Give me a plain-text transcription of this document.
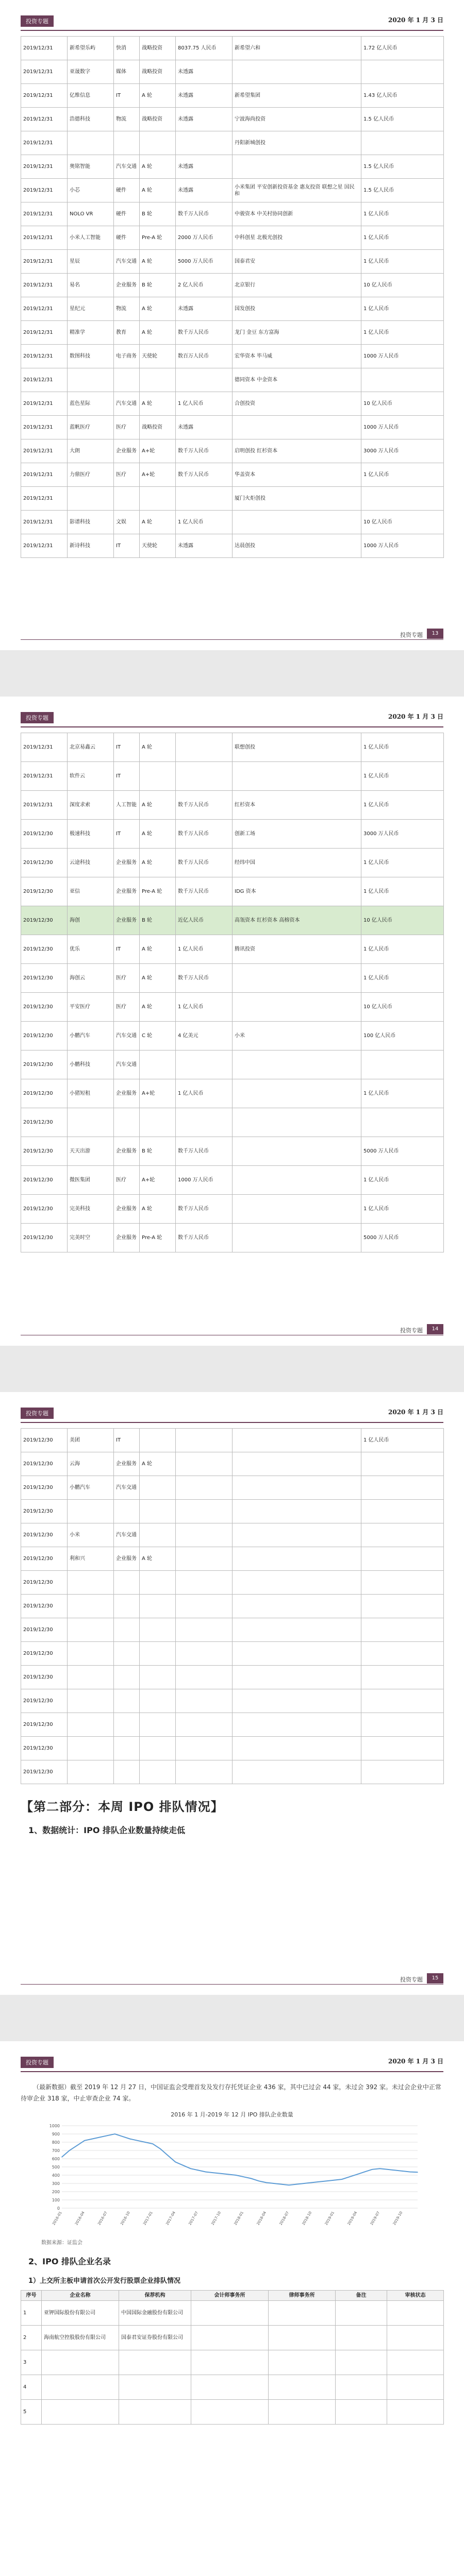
投资专题	2020 年 1 月 3 日
2019/12/31	新希望乐屿	快消	战略投资	8037.75 人民币	新希望六和	1.72 亿人民币
2019/12/31	亚晟数字	媒体	战略投资	未透露		
2019/12/31	亿维信息	IT	A 轮	未透露	新希望集团	1.43 亿人民币
2019/12/31	浩德科技	物流	战略投资	未透露	宁波海尚投资	1.5 亿人民币
2019/12/31					丹阳新城创投	
2019/12/31	奥铭智能	汽车交通	A 轮	未透露		1.5 亿人民币
2019/12/31	小芯	硬件	A 轮	未透露	小米集团 平安创新投资基金 惠友投资 联想之星 国民和	1.5 亿人民币
2019/12/31	NOLO VR	硬件	B 轮	数千万人民币	中骏资本 中关村协同创新	1 亿人民币
2019/12/31	小米人工智能	硬件	Pre-A 轮	2000 万人民币	中科创星 北极光创投	1 亿人民币
2019/12/31	星辰	汽车交通	A 轮	5000 万人民币	国泰君安	1 亿人民币
2019/12/31	易名	企业服务	B 轮	2 亿人民币	北京银行	10 亿人民币
2019/12/31	星纪元	物流	A 轮	未透露	国发创投	1 亿人民币
2019/12/31	精准学	教育	A 轮	数千万人民币	龙门 金豆 东方富海	1 亿人民币
2019/12/31	数图科技	电子商务	天使轮	数百万人民币	宏华资本 毕马威	1000 万人民币
2019/12/31					德同资本 中金资本	
2019/12/31	蓝色星际	汽车交通	A 轮	1 亿人民币	合创投资	10 亿人民币
2019/12/31	蓝帆医疗	医疗	战略投资	未透露		1000 万人民币
2019/12/31	大朗	企业服务	A+轮	数千万人民币	启明创投 红杉资本	3000 万人民币
2019/12/31	力鼎医疗	医疗	A+轮	数千万人民币	华盖资本	1 亿人民币
2019/12/31					厦门火炬创投	
2019/12/31	影谱科技	文娱	A 轮	1 亿人民币		10 亿人民币
2019/12/31	新诗科技	IT	天使轮	未透露	达晨创投	1000 万人民币
投资专题	13
投资专题	2020 年 1 月 3 日
2019/12/31	北京易鑫云	IT	A 轮		联想创投	1 亿人民币
2019/12/31	软件云	IT				1 亿人民币
2019/12/31	深度求索	人工智能	A 轮	数千万人民币	红杉资本	1 亿人民币
2019/12/30	极速科技	IT	A 轮	数千万人民币	创新工场	3000 万人民币
2019/12/30	云途科技	企业服务	A 轮	数千万人民币	经纬中国	1 亿人民币
2019/12/30	亚信	企业服务	Pre-A 轮	数千万人民币	IDG 资本	1 亿人民币
2019/12/30	海创	企业服务	B 轮	近亿人民币	高瓴资本 红杉资本 高榕资本	10 亿人民币
2019/12/30	优乐	IT	A 轮	1 亿人民币	腾讯投资	1 亿人民币
2019/12/30	海创云	医疗	A 轮	数千万人民币		1 亿人民币
2019/12/30	平安医疗	医疗	A 轮	1 亿人民币		10 亿人民币
2019/12/30	小鹏汽车	汽车交通	C 轮	4 亿美元	小米	100 亿人民币
2019/12/30	小鹏科技	汽车交通				
2019/12/30	小猪短租	企业服务	A+轮	1 亿人民币		1 亿人民币
2019/12/30						
2019/12/30	天天出游	企业服务	B 轮	数千万人民币		5000 万人民币
2019/12/30	微医集团	医疗	A+轮	1000 万人民币		1 亿人民币
2019/12/30	完美科技	企业服务	A 轮	数千万人民币		1 亿人民币
2019/12/30	完美时空	企业服务	Pre-A 轮	数千万人民币		5000 万人民币
投资专题	14
投资专题	2020 年 1 月 3 日
2019/12/30	美团	IT				1 亿人民币
2019/12/30	云海	企业服务	A 轮			
2019/12/30	小鹏汽车	汽车交通				
2019/12/30						
2019/12/30	小米	汽车交通				
2019/12/30	利和兴	企业服务	A 轮			
2019/12/30						
2019/12/30						
2019/12/30						
2019/12/30						
2019/12/30						
2019/12/30						
2019/12/30						
2019/12/30						
2019/12/30						
【第二部分：本周 IPO 排队情况】
1、数据统计：IPO 排队企业数量持续走低
投资专题	15
投资专题	2020 年 1 月 3 日

（最新数据）截至 2019 年 12 月 27 日，中国证监会受理首发及发行存托凭证企业 436 家，其中已过会 44 家，未过会 392 家。未过会企业中正常待审企业 318 家，中止审查企业 74 家。

2016 年 1 月-2019 年 12 月 IPO 排队企业数量
0
100
200
300
400
500
600
700
800
900
1000
2016-01	2016-04	2016-07	2016-10	2017-01	2017-04	2017-07	2017-10	2018-01	2018-04	2018-07	2018-10	2019-01	2019-04	2019-07	2019-10
数据来源：证监会
2、IPO 排队企业名录
1）上交所主板申请首次公开发行股票企业排队情况
序号	企业名称	保荐机构	会计师事务所	律师事务所	备注	审核状态
1	亚钾国际股份有限公司	中国国际金融股份有限公司				
2	海南航空控股股份有限公司	国泰君安证券股份有限公司				
3						
4						
5						
